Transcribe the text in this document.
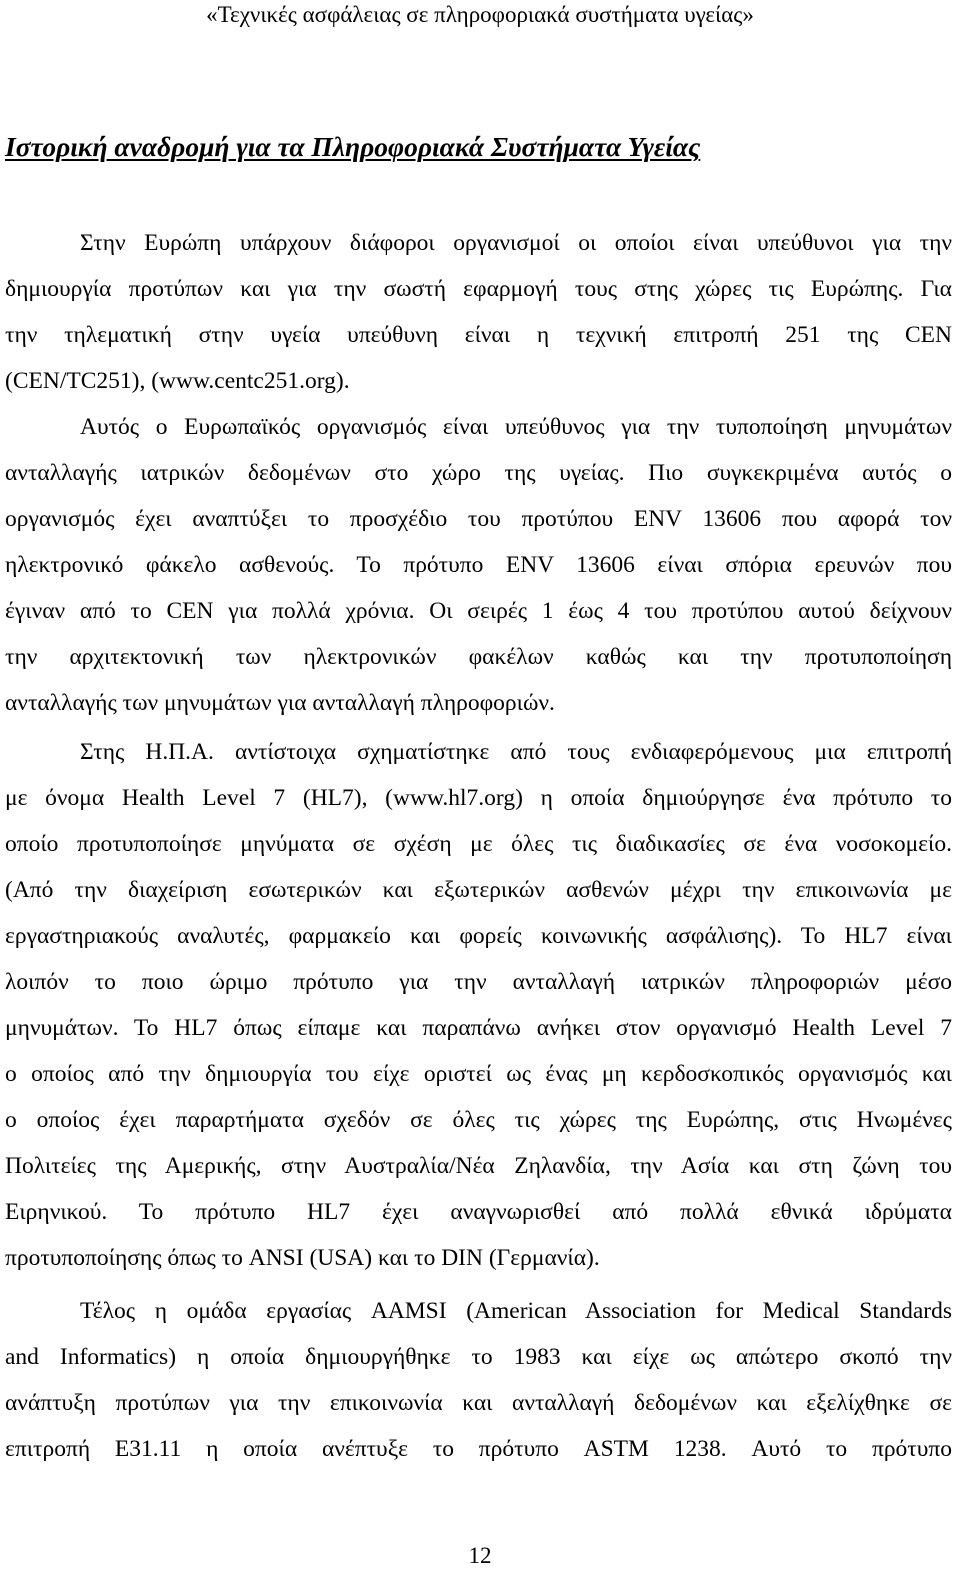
«Τεχνικές ασφάλειας σε πληροφοριακά συστήματα υγείας»
Ιστορική αναδρομή για τα Πληροφοριακά Συστήματα Υγείας
Στην Ευρώπη υπάρχουν διάφοροι οργανισμοί οι οποίοι είναι υπεύθυνοι για την
δημιουργία προτύπων και για την σωστή εφαρμογή τους στης χώρες τις Ευρώπης. Για
την τηλεματική στην υγεία υπεύθυνη είναι η τεχνική επιτροπή 251 της CEN
(CEN/TC251), (www.centc251.org).
Αυτός ο Ευρωπαϊκός οργανισμός είναι υπεύθυνος για την τυποποίηση μηνυμάτων
ανταλλαγής ιατρικών δεδομένων στο χώρο της υγείας. Πιο συγκεκριμένα αυτός ο
οργανισμός έχει αναπτύξει το προσχέδιο του προτύπου ENV 13606 που αφορά τον
ηλεκτρονικό φάκελο ασθενούς. Το πρότυπο ENV 13606 είναι σπόρια ερευνών που
έγιναν από το CEN για πολλά χρόνια. Οι σειρές 1 έως 4 του προτύπου αυτού δείχνουν
την αρχιτεκτονική των ηλεκτρονικών φακέλων καθώς και την προτυποποίηση
ανταλλαγής των μηνυμάτων για ανταλλαγή πληροφοριών.
Στης Η.Π.Α. αντίστοιχα σχηματίστηκε από τους ενδιαφερόμενους μια επιτροπή
με όνομα Health Level 7 (HL7), (www.hl7.org) η οποία δημιούργησε ένα πρότυπο το
οποίο προτυποποίησε μηνύματα σε σχέση με όλες τις διαδικασίες σε ένα νοσοκομείο.
(Από την διαχείριση εσωτερικών και εξωτερικών ασθενών μέχρι την επικοινωνία με
εργαστηριακούς αναλυτές, φαρμακείο και φορείς κοινωνικής ασφάλισης). Το HL7 είναι
λοιπόν το ποιο ώριμο πρότυπο για την ανταλλαγή ιατρικών πληροφοριών μέσο
μηνυμάτων. Το HL7 όπως είπαμε και παραπάνω ανήκει στον οργανισμό Health Level 7
ο οποίος από την δημιουργία του είχε οριστεί ως ένας μη κερδοσκοπικός οργανισμός και
ο οποίος έχει παραρτήματα σχεδόν σε όλες τις χώρες της Ευρώπης, στις Ηνωμένες
Πολιτείες της Αμερικής, στην Αυστραλία/Νέα Ζηλανδία, την Ασία και στη ζώνη του
Ειρηνικού. Το πρότυπο HL7 έχει αναγνωρισθεί από πολλά εθνικά ιδρύματα
προτυποποίησης όπως το ANSI (USA) και το DIN (Γερμανία).
Τέλος η ομάδα εργασίας AAMSI (American Association for Medical Standards
and Informatics) η οποία δημιουργήθηκε το 1983 και είχε ως απώτερο σκοπό την
ανάπτυξη προτύπων για την επικοινωνία και ανταλλαγή δεδομένων και εξελίχθηκε σε
επιτροπή E31.11 η οποία ανέπτυξε το πρότυπο ASTM 1238. Αυτό το πρότυπο
12
